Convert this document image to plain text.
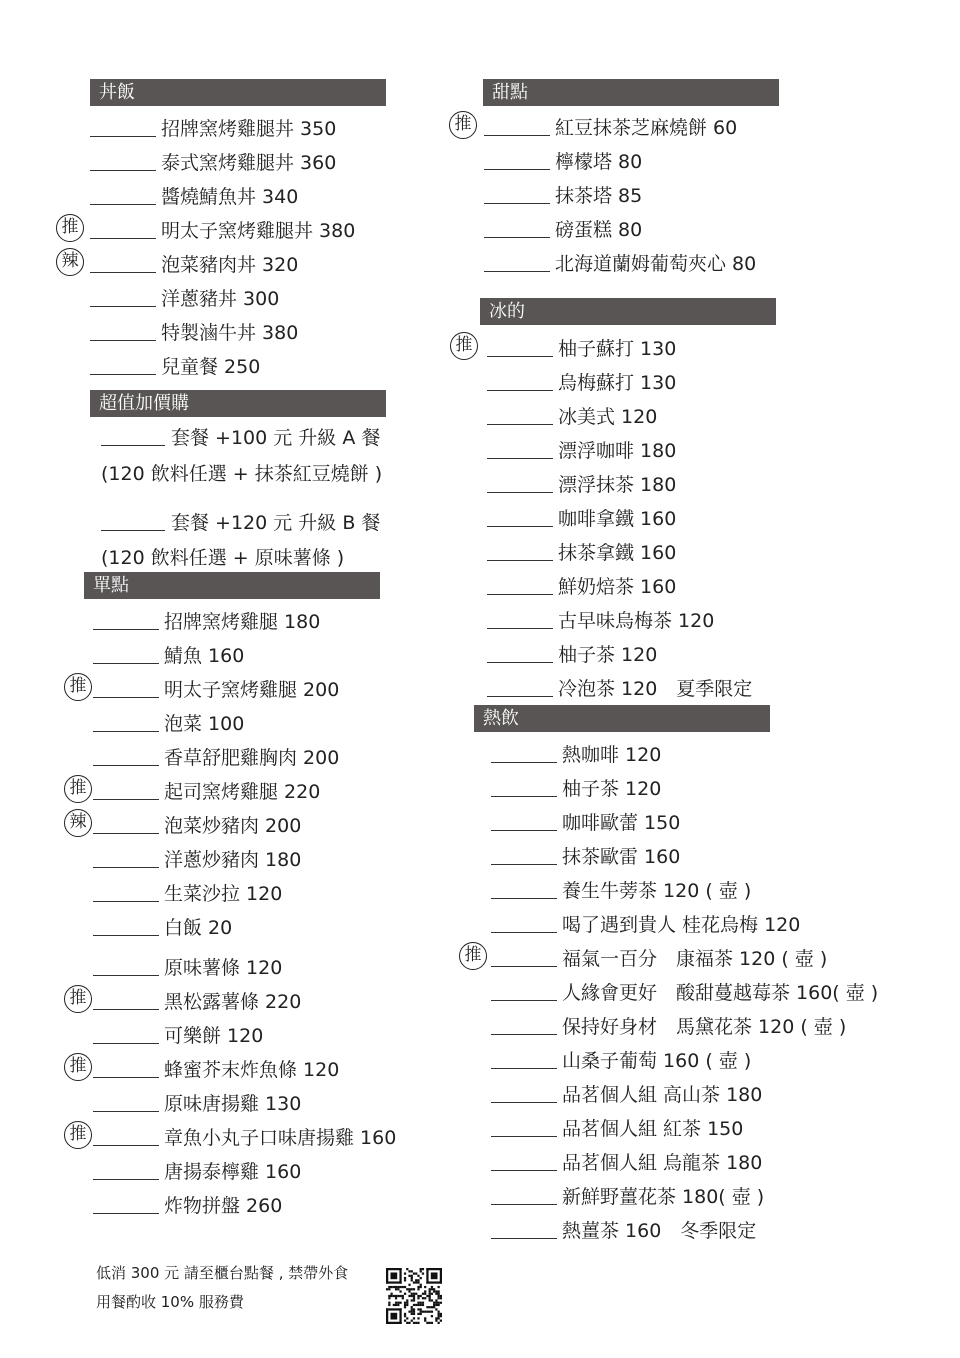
丼飯
招牌窯烤雞腿丼 350
泰式窯烤雞腿丼 360
醬燒鯖魚丼 340
明太子窯烤雞腿丼 380
推
泡菜豬肉丼 320
辣
洋蔥豬丼 300
特製滷牛丼 380
兒童餐 250
超值加價購
套餐 +100 元 升級 A 餐
(120 飲料任選 + 抹茶紅豆燒餅 )
套餐 +120 元 升級 B 餐
(120 飲料任選 + 原味薯條 )
單點
招牌窯烤雞腿 180
鯖魚 160
明太子窯烤雞腿 200
推
泡菜 100
香草舒肥雞胸肉 200
起司窯烤雞腿 220
推
泡菜炒豬肉 200
辣
洋蔥炒豬肉 180
生菜沙拉 120
白飯 20
原味薯條 120
黑松露薯條 220
推
可樂餅 120
蜂蜜芥末炸魚條 120
推
原味唐揚雞 130
章魚小丸子口味唐揚雞 160
推
唐揚泰檸雞 160
炸物拼盤 260
甜點
紅豆抹茶芝麻燒餅 60
推
檸檬塔 80
抹茶塔 85
磅蛋糕 80
北海道蘭姆葡萄夾心 80
冰的
柚子蘇打 130
推
烏梅蘇打 130
冰美式 120
漂浮咖啡 180
漂浮抹茶 180
咖啡拿鐵 160
抹茶拿鐵 160
鮮奶焙茶 160
古早味烏梅茶 120
柚子茶 120
冷泡茶 120　夏季限定
熱飲
熱咖啡 120
柚子茶 120
咖啡歐蕾 150
抹茶歐雷 160
養生牛蒡茶 120 ( 壺 )
喝了遇到貴人 桂花烏梅 120
福氣一百分　康福茶 120 ( 壺 )
推
人緣會更好　酸甜蔓越莓茶 160( 壺 )
保持好身材　馬黛花茶 120 ( 壺 )
山桑子葡萄 160 ( 壺 )
品茗個人組 高山茶 180
品茗個人組 紅茶 150
品茗個人組 烏龍茶 180
新鮮野薑花茶 180( 壺 )
熱薑茶 160　冬季限定
低消 300 元 請至櫃台點餐 , 禁帶外食
用餐酌收 10% 服務費
